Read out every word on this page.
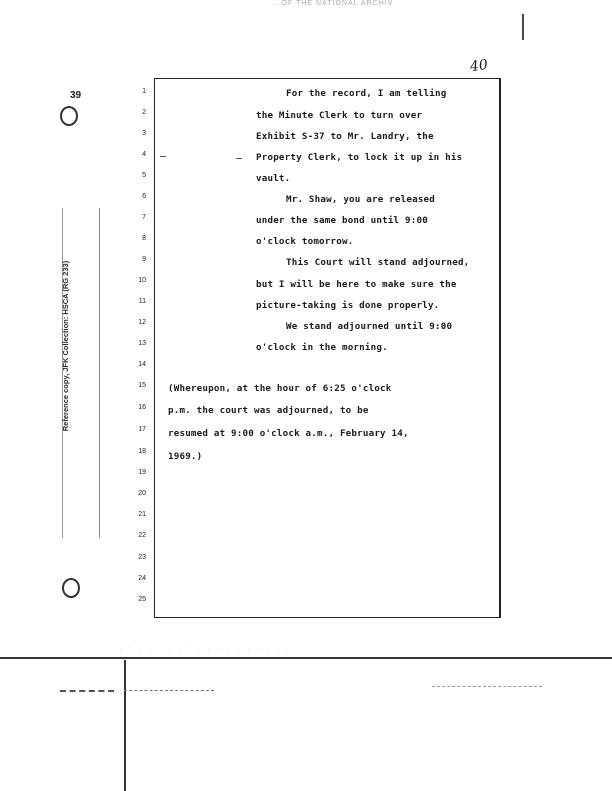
...OF THE NATIONAL ARCHIV
39
40
Reference copy, JFK Collection: HSCA (RG 233)
1
2
3
4
5
6
7
8
9
10
11
12
13
14
15
16
17
18
19
20
21
22
23
24
25
For the record, I am telling
the Minute Clerk to turn over
Exhibit S-37 to Mr. Landry, the
Property Clerk, to lock it up in his
vault.
Mr. Shaw, you are released
under the same bond until 9:00
o'clock tomorrow.
This Court will stand adjourned,
but I will be here to make sure the
picture-taking is done properly.
We stand adjourned until 9:00
o'clock in the morning.
(Whereupon, at the hour of 6:25 o'clock
p.m. the court was adjourned, to be
resumed at 9:00 o'clock a.m., February 14,
1969.)
. ' . . . . . ' . . . . . . . . . .
